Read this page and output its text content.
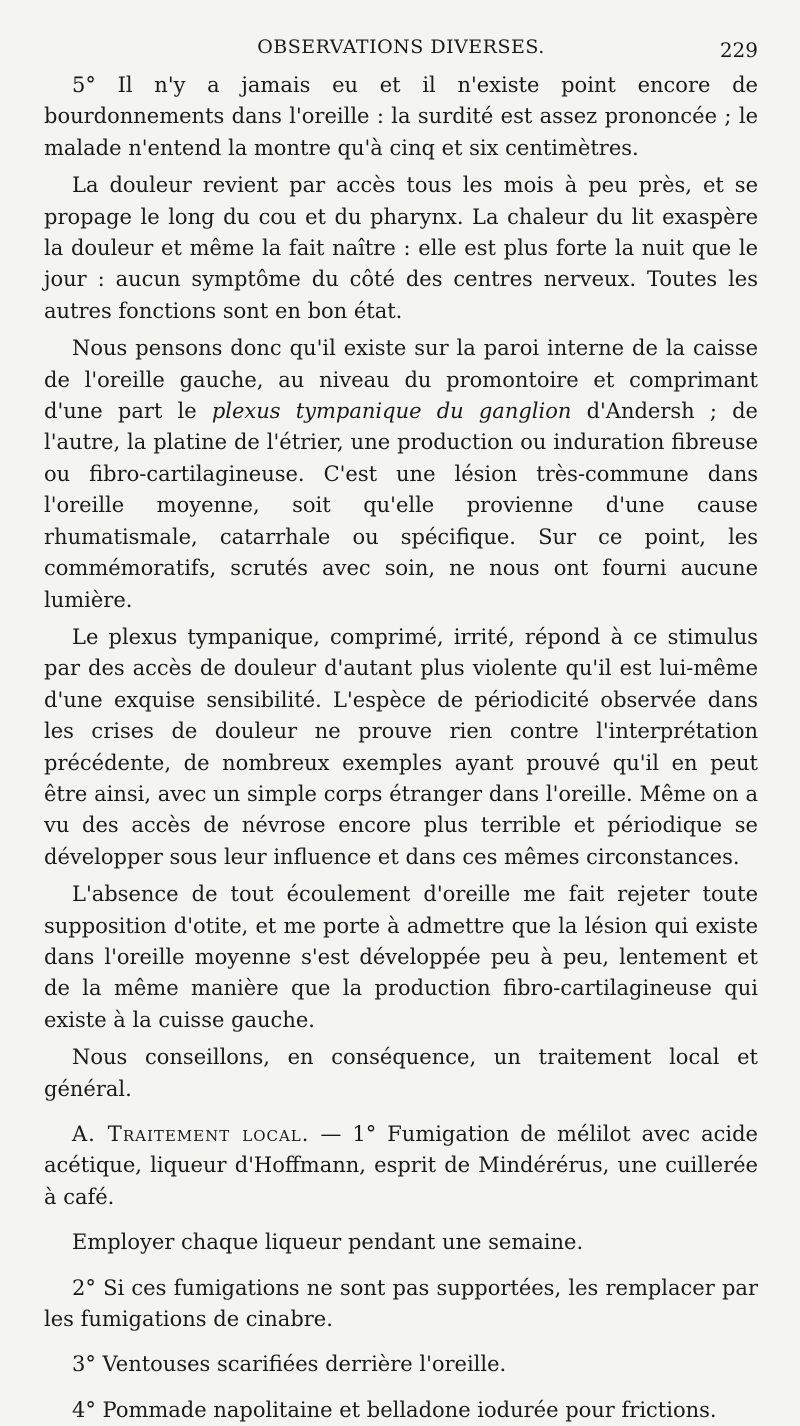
OBSERVATIONS DIVERSES.	229

5° Il n'y a jamais eu et il n'existe point encore de bourdonnements dans l'oreille : la surdité est assez prononcée ; le malade n'entend la montre qu'à cinq et six centimètres.

La douleur revient par accès tous les mois à peu près, et se propage le long du cou et du pharynx. La chaleur du lit exaspère la douleur et même la fait naître : elle est plus forte la nuit que le jour : aucun symptôme du côté des centres nerveux. Toutes les autres fonctions sont en bon état.

Nous pensons donc qu'il existe sur la paroi interne de la caisse de l'oreille gauche, au niveau du promontoire et comprimant d'une part le plexus tympanique du ganglion d'Andersh ; de l'autre, la platine de l'étrier, une production ou induration fibreuse ou fibro-cartilagineuse. C'est une lésion très-commune dans l'oreille moyenne, soit qu'elle provienne d'une cause rhumatismale, catarrhale ou spécifique. Sur ce point, les commémoratifs, scrutés avec soin, ne nous ont fourni aucune lumière.

Le plexus tympanique, comprimé, irrité, répond à ce stimulus par des accès de douleur d'autant plus violente qu'il est lui-même d'une exquise sensibilité. L'espèce de périodicité observée dans les crises de douleur ne prouve rien contre l'interprétation précédente, de nombreux exemples ayant prouvé qu'il en peut être ainsi, avec un simple corps étranger dans l'oreille. Même on a vu des accès de névrose encore plus terrible et périodique se développer sous leur influence et dans ces mêmes circonstances.

L'absence de tout écoulement d'oreille me fait rejeter toute supposition d'otite, et me porte à admettre que la lésion qui existe dans l'oreille moyenne s'est développée peu à peu, lentement et de la même manière que la production fibro-cartilagineuse qui existe à la cuisse gauche.

Nous conseillons, en conséquence, un traitement local et général.

A. Traitement local. — 1° Fumigation de mélilot avec acide acétique, liqueur d'Hoffmann, esprit de Mindérérus, une cuillerée à café.

Employer chaque liqueur pendant une semaine.

2° Si ces fumigations ne sont pas supportées, les remplacer par les fumigations de cinabre.

3° Ventouses scarifiées derrière l'oreille.

4° Pommade napolitaine et belladone iodurée pour frictions.
